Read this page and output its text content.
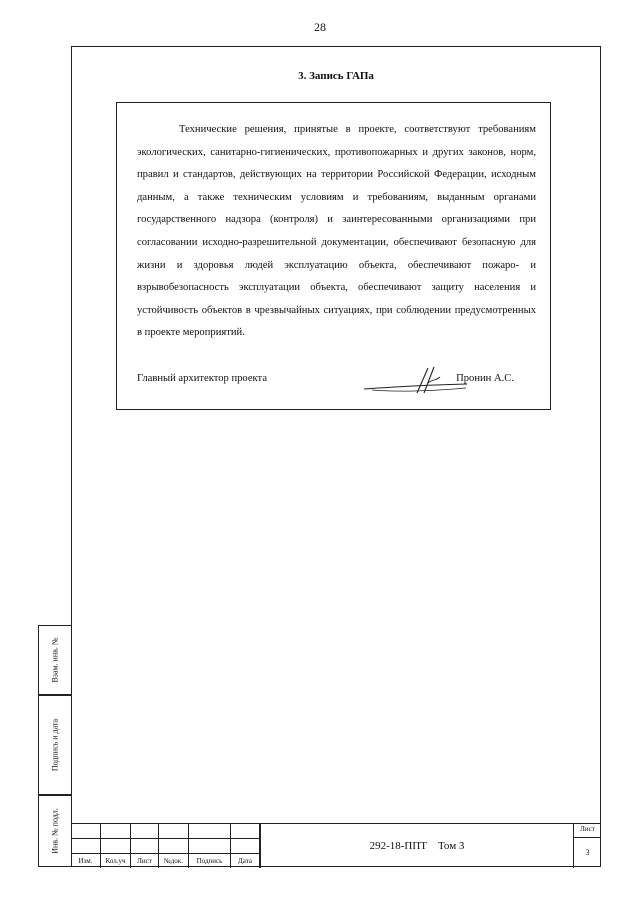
28
3. Запись ГАПа

Технические решения, принятые в проекте, соответствуют требованиям экологических, санитарно-гигиенических, противопожарных и других законов, норм, правил и стандартов, действующих на территории Российской Федерации, исходным данным, а также техническим условиям и требованиям, выданным органами государственного надзора (контроля) и заинтересованными организациями при согласовании исходно-разрешительной документации, обеспечивают безопасную для жизни и здоровья людей эксплуатацию объекта, обеспечивают пожаро- и взрывобезопасность эксплуатации объекта, обеспечивают защиту населения и устойчивость объектов в чрезвычайных ситуациях, при соблюдении предусмотренных в проекте мероприятий.

Главный архитектор проекта	Пронин А.С.
Взам. инв. №
Подпись и дата
Инв. № подл.
Изм.	Кол.уч	Лист	№док.	Подпись	Дата
292-18-ППТ    Том 3
Лист
3
